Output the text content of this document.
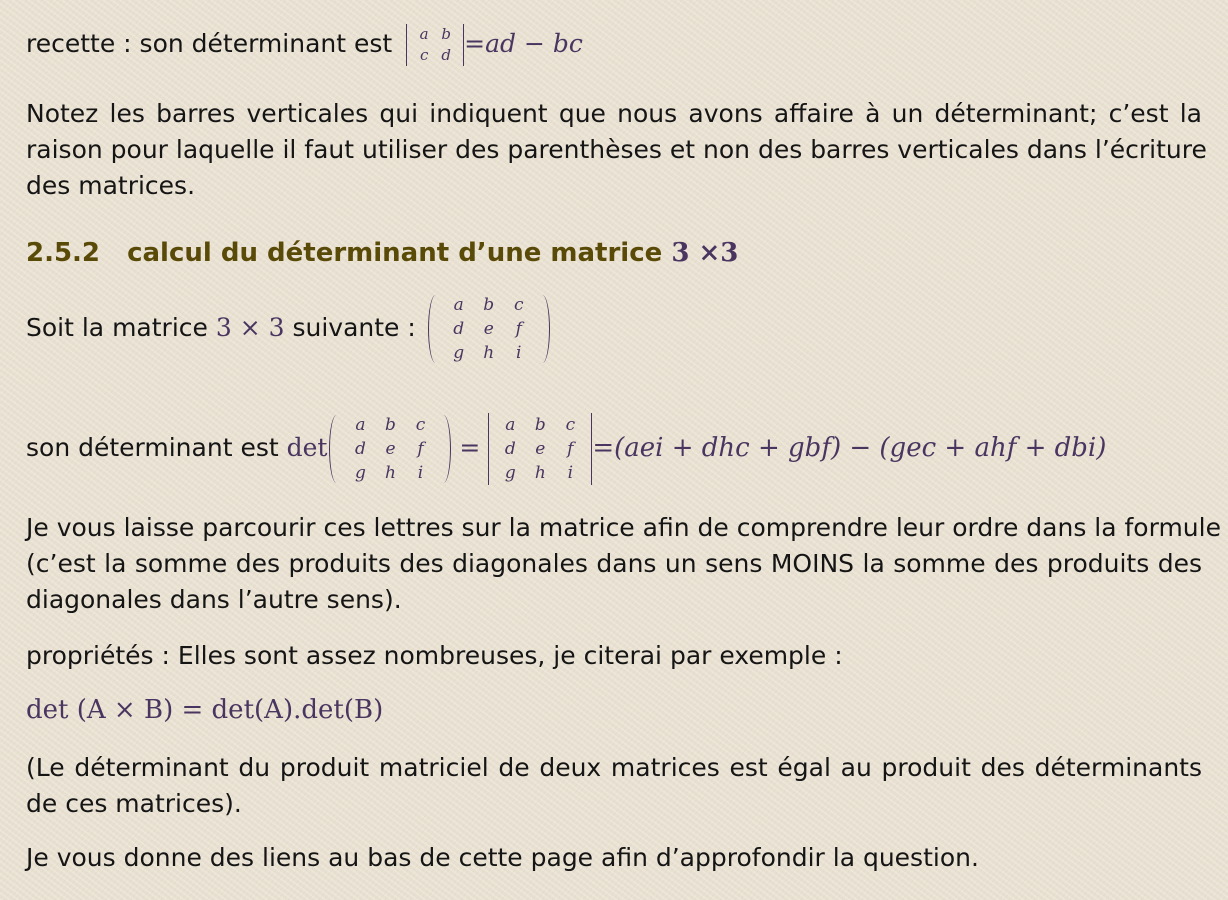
recette : son déterminant est a	b
c	d =ad − bc
Notez les barres verticales qui indiquent que nous avons affaire à un déterminant; c’est la
raison pour laquelle il faut utiliser des parenthèses et non des barres verticales dans l’écriture
des matrices.
2.5.2 calcul du déterminant d’une matrice 3 ×3
Soit la matrice 3 × 3 suivante :
a	b	c
d	e	f
g	h	i
son déterminant est det
a	b	c
d	e	f
g	h	i
=
a	b	c
d	e	f
g	h	i
=(aei + dhc + gbf) − (gec + ahf + dbi)
Je vous laisse parcourir ces lettres sur la matrice afin de comprendre leur ordre dans la formule
(c’est la somme des produits des diagonales dans un sens MOINS la somme des produits des
diagonales dans l’autre sens).
propriétés : Elles sont assez nombreuses, je citerai par exemple :
det (A × B) = det(A).det(B)
(Le déterminant du produit matriciel de deux matrices est égal au produit des déterminants
de ces matrices).
Je vous donne des liens au bas de cette page afin d’approfondir la question.
